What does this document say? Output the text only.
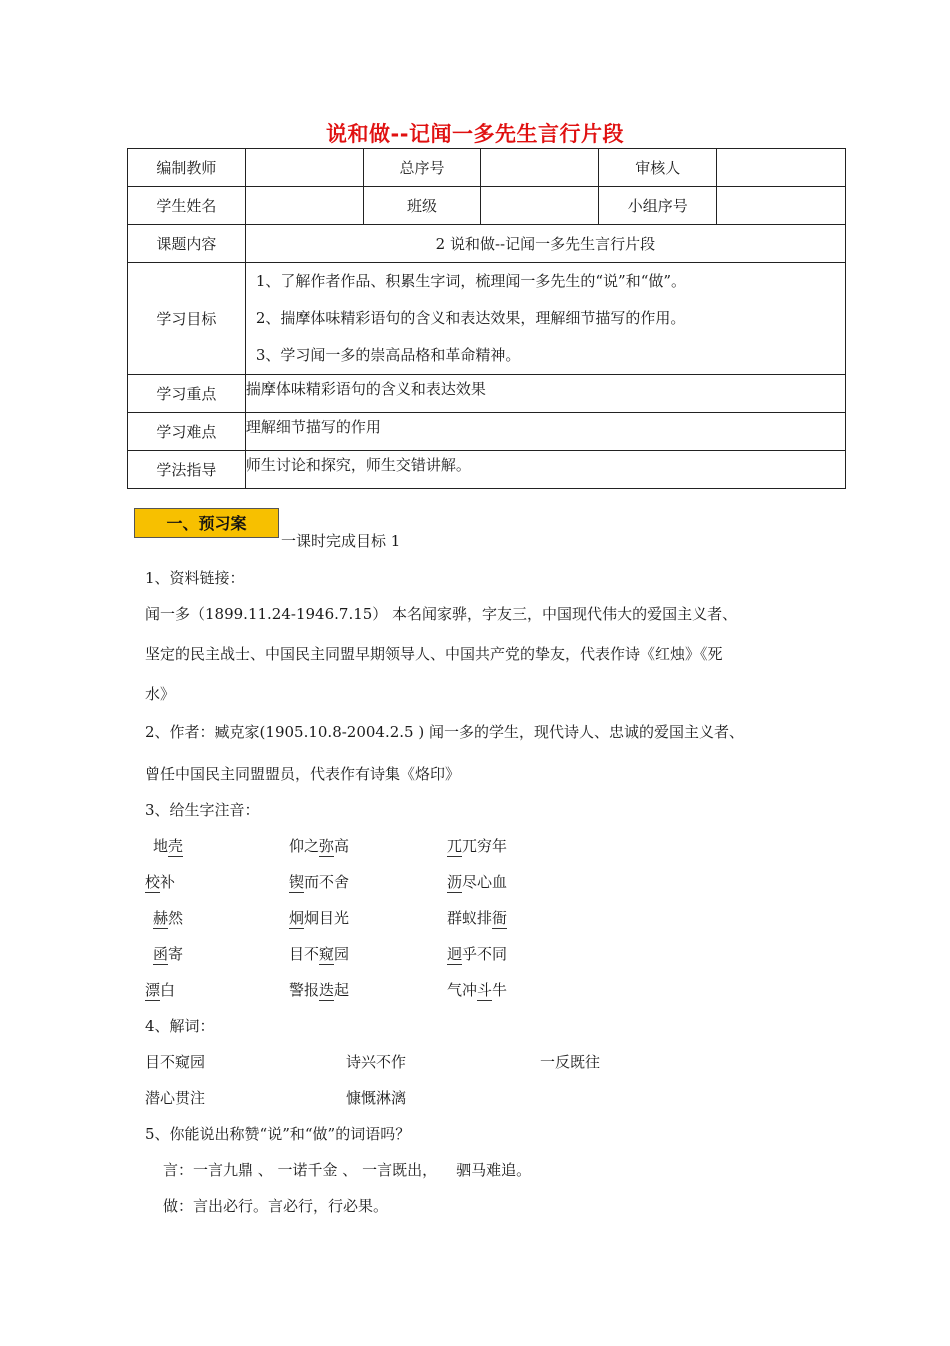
说和做--记闻一多先生言行片段
编制教师		总序号		审核人	
学生姓名		班级		小组序号	
课题内容	2 说和做--记闻一多先生言行片段				
学习目标	1、了解作者作品、积累生字词，梳理闻一多先生的“说”和“做”。
2、揣摩体味精彩语句的含义和表达效果，理解细节描写的作用。
3、学习闻一多的崇高品格和革命精神。				

学习重点	揣摩体味精彩语句的含义和表达效果				
学习难点	理解细节描写的作用				
学法指导	师生讨论和探究，师生交错讲解。				
一、预习案
一课时完成目标 1
1、资料链接：
闻一多（1899.11.24-1946.7.15） 本名闻家骅，字友三，中国现代伟大的爱国主义者、
坚定的民主战士、中国民主同盟早期领导人、中国共产党的挚友，代表作诗《红烛》《死
水》
2、作者：臧克家(1905.10.8-2004.2.5 ) 闻一多的学生，现代诗人、忠诚的爱国主义者、
曾任中国民主同盟盟员，代表作有诗集《烙印》
3、给生字注音：
地壳	仰之弥高	兀兀穷年
校补	锲而不舍	沥尽心血
赫然	炯炯目光	群蚁排衙
函寄	目不窥园	迥乎不同
漂白	警报迭起	气冲斗牛
4、解词：
目不窥园	诗兴不作	一反既往
潜心贯注	慷慨淋漓
5、你能说出称赞“说”和“做”的词语吗？
言：一言九鼎 、 一诺千金 、 一言既出，    驷马难追。
做：言出必行。言必行，行必果。
